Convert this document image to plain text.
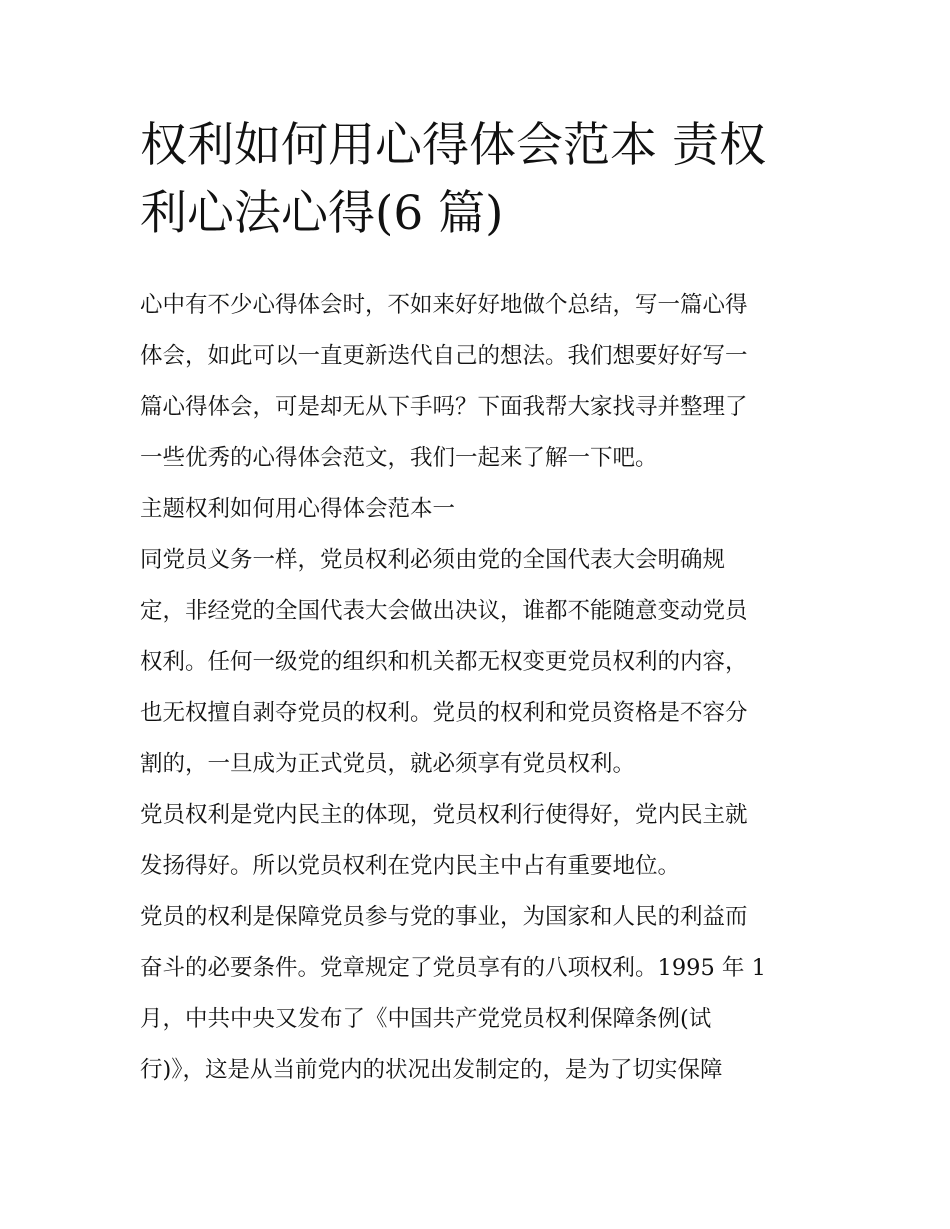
权利如何用心得体会范本 责权
利心法心得(6 篇)
心中有不少心得体会时，不如来好好地做个总结，写一篇心得
体会，如此可以一直更新迭代自己的想法。我们想要好好写一
篇心得体会，可是却无从下手吗？下面我帮大家找寻并整理了
一些优秀的心得体会范文，我们一起来了解一下吧。
主题权利如何用心得体会范本一
同党员义务一样，党员权利必须由党的全国代表大会明确规
定，非经党的全国代表大会做出决议，谁都不能随意变动党员
权利。任何一级党的组织和机关都无权变更党员权利的内容，
也无权擅自剥夺党员的权利。党员的权利和党员资格是不容分
割的，一旦成为正式党员，就必须享有党员权利。
党员权利是党内民主的体现，党员权利行使得好，党内民主就
发扬得好。所以党员权利在党内民主中占有重要地位。
党员的权利是保障党员参与党的事业，为国家和人民的利益而
奋斗的必要条件。党章规定了党员享有的八项权利。1995 年 1
月，中共中央又发布了《中国共产党党员权利保障条例(试
行)》，这是从当前党内的状况出发制定的，是为了切实保障
